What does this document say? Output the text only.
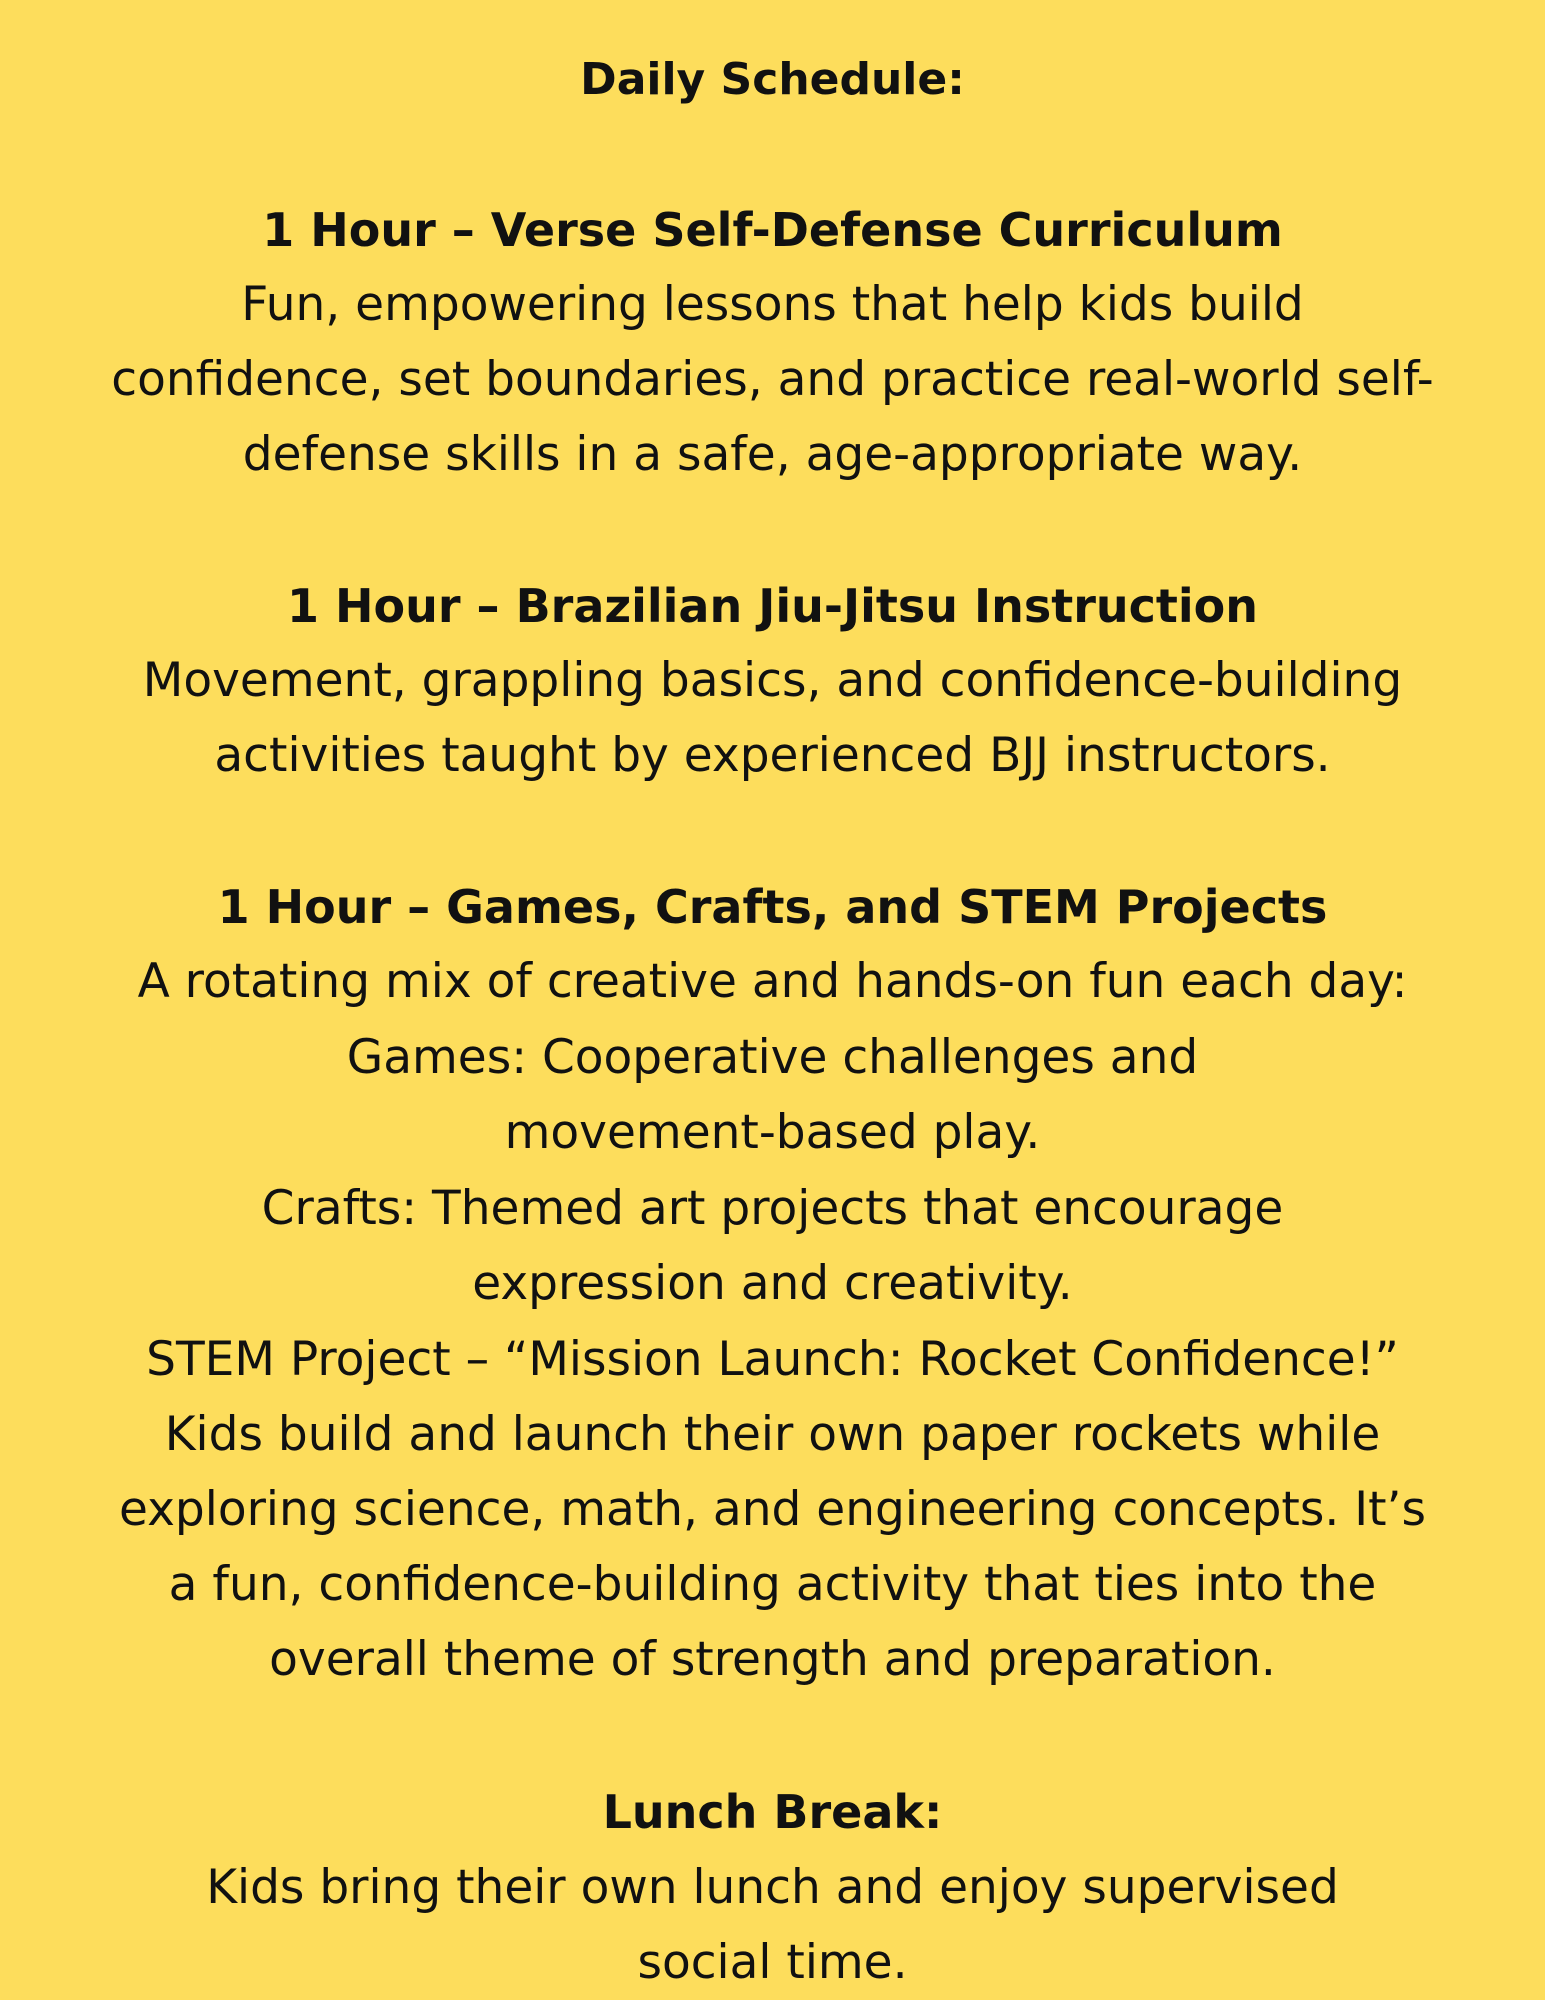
Daily Schedule:
1 Hour – Verse Self-Defense Curriculum
Fun, empowering lessons that help kids build
confidence, set boundaries, and practice real-world self-
defense skills in a safe, age-appropriate way.
1 Hour – Brazilian Jiu-Jitsu Instruction
Movement, grappling basics, and confidence-building
activities taught by experienced BJJ instructors.
1 Hour – Games, Crafts, and STEM Projects
A rotating mix of creative and hands-on fun each day:
Games: Cooperative challenges and
movement-based play.
Crafts: Themed art projects that encourage
expression and creativity.
STEM Project – “Mission Launch: Rocket Confidence!”
Kids build and launch their own paper rockets while
exploring science, math, and engineering concepts. It’s
a fun, confidence-building activity that ties into the
overall theme of strength and preparation.
Lunch Break:
Kids bring their own lunch and enjoy supervised
social time.
